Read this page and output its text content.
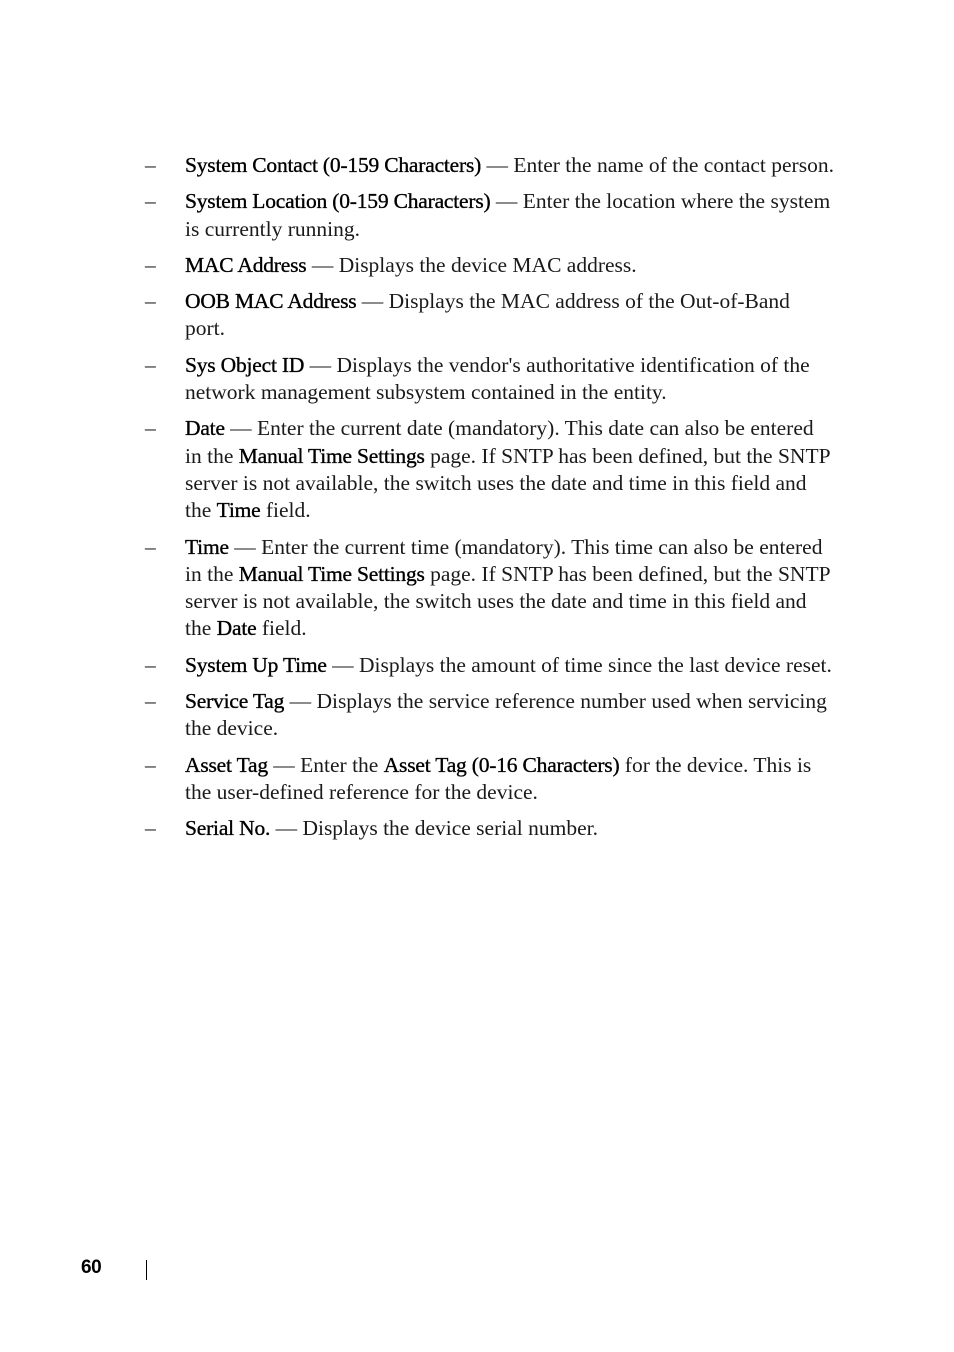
– System Contact (0-159 Characters) — Enter the name of the contact person.
– System Location (0-159 Characters) — Enter the location where the system is currently running.
– MAC Address — Displays the device MAC address.
– OOB MAC Address — Displays the MAC address of the Out-of-Band port.
– Sys Object ID — Displays the vendor's authoritative identification of the network management subsystem contained in the entity.
– Date — Enter the current date (mandatory). This date can also be entered in the Manual Time Settings page. If SNTP has been defined, but the SNTP server is not available, the switch uses the date and time in this field and the Time field.
– Time — Enter the current time (mandatory). This time can also be entered in the Manual Time Settings page. If SNTP has been defined, but the SNTP server is not available, the switch uses the date and time in this field and the Date field.
– System Up Time — Displays the amount of time since the last device reset.
– Service Tag — Displays the service reference number used when servicing the device.
– Asset Tag — Enter the Asset Tag (0-16 Characters) for the device. This is the user-defined reference for the device.
– Serial No. — Displays the device serial number.
60
